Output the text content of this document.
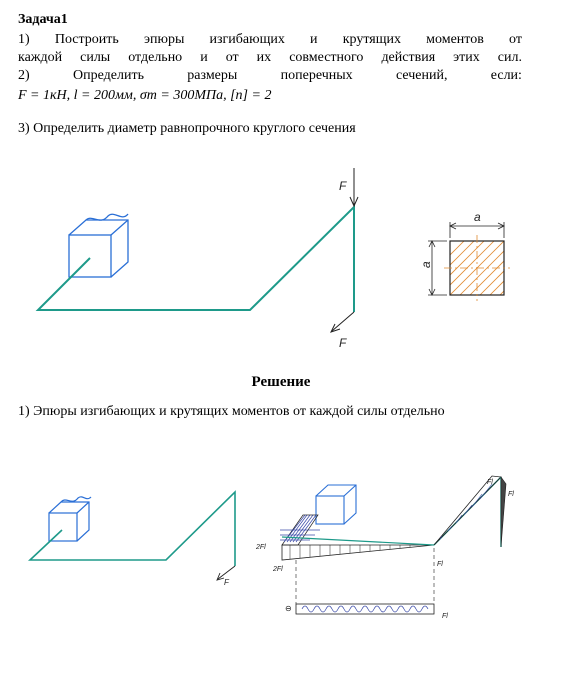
Задача1
1) Построить эпюры изгибающих и крутящих моментов от
каждой силы отдельно и от их совместного действия этих сил.
2)	Определить	размеры	поперечных	сечений,	если:
F = 1кН, l = 200мм, σт = 300МПа, [n] = 2
3) Определить диаметр равнопрочного круглого сечения
F
F
a
a
Решение
1) Эпюры изгибающих и крутящих моментов от каждой силы отдельно
F
Fl
Fl
2Fl
2Fl
Fl
Fl
⊖
